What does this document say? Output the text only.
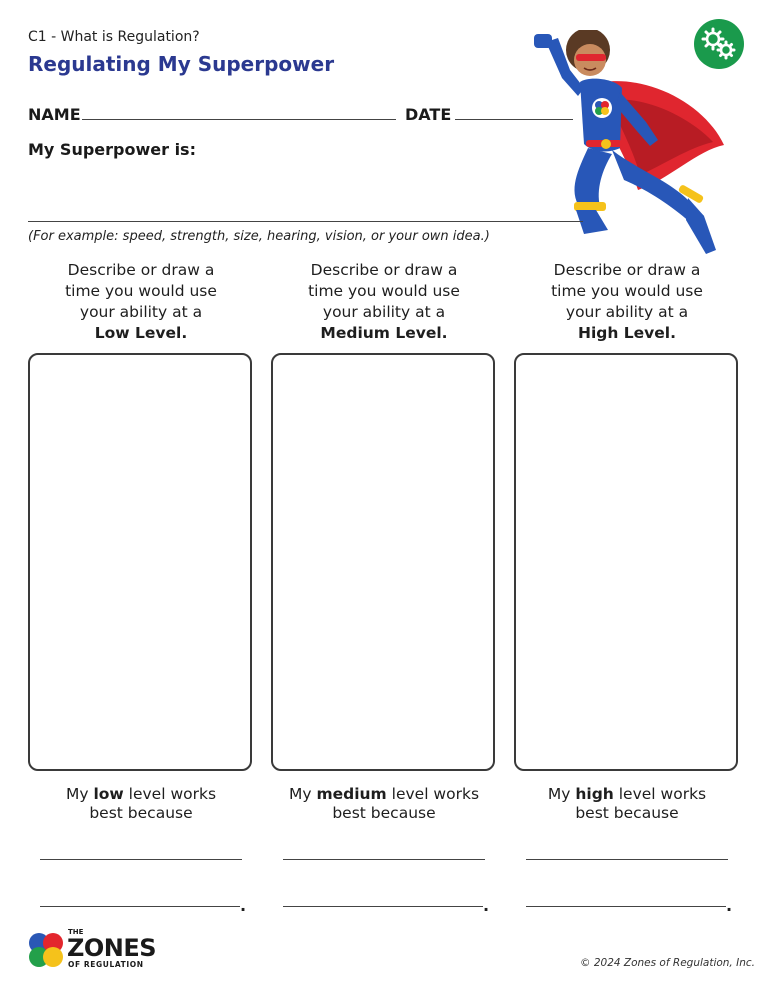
C1 - What is Regulation?
Regulating My Superpower
NAME	DATE
My Superpower is:
(For example: speed, strength, size, hearing, vision, or your own idea.)
Describe or draw a
time you would use
your ability at a
Low Level.
Describe or draw a
time you would use
your ability at a
Medium Level.
Describe or draw a
time you would use
your ability at a
High Level.
My low level works
best because
My medium level works
best because
My high level works
best because
.	.	.
THE
ZONES
OF REGULATION	© 2024 Zones of Regulation, Inc.
